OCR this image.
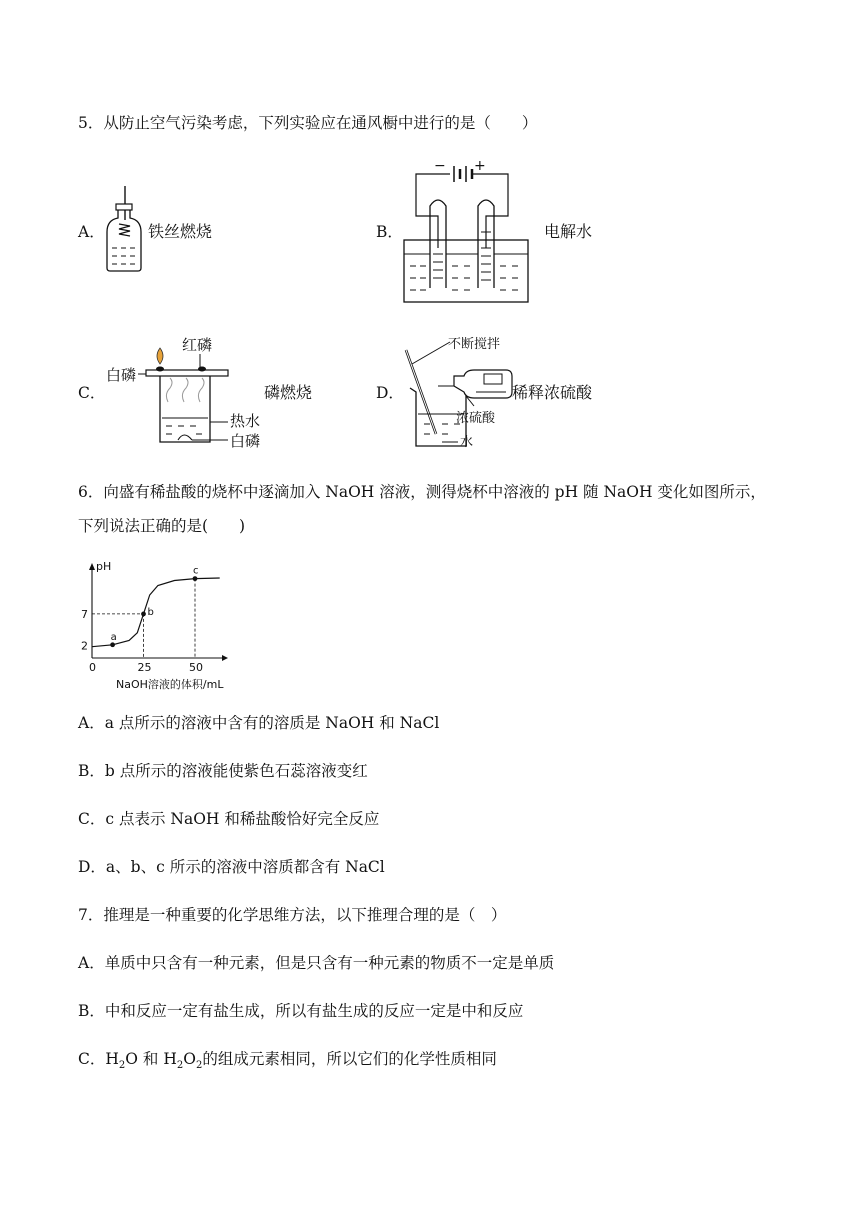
5．从防止空气污染考虑，下列实验应在通风橱中进行的是（　　）
A．	铁丝燃烧	B．
− +
电解水
C．
红磷
白磷
热水
白磷
磷燃烧	D．
不断搅拌
浓硫酸
水
稀释浓硫酸
6．向盛有稀盐酸的烧杯中逐滴加入 NaOH 溶液，测得烧杯中溶液的 pH 随 NaOH 变化如图所示，
下列说法正确的是(　　)
0	25	50
2
7
a
b
c
pH
NaOH溶液的体积/mL
A．a 点所示的溶液中含有的溶质是 NaOH 和 NaCl
B．b 点所示的溶液能使紫色石蕊溶液变红
C．c 点表示 NaOH 和稀盐酸恰好完全反应
D．a、b、c 所示的溶液中溶质都含有 NaCl
7．推理是一种重要的化学思维方法，以下推理合理的是（　）
A．单质中只含有一种元素，但是只含有一种元素的物质不一定是单质
B．中和反应一定有盐生成，所以有盐生成的反应一定是中和反应
C．$H_2O$ 和 $H_2O_2$的组成元素相同，所以它们的化学性质相同
